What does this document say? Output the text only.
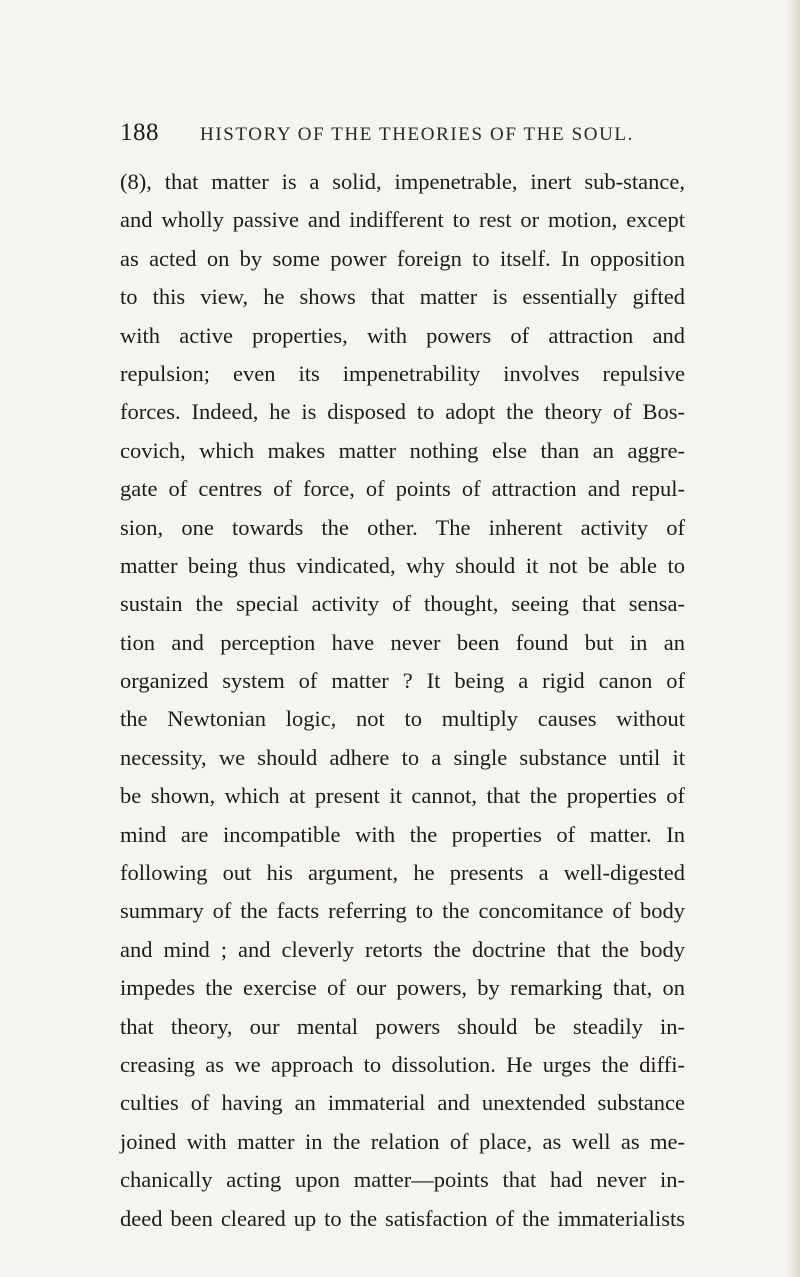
188 HISTORY OF THE THEORIES OF THE SOUL.
(8), that matter is a solid, impenetrable, inert sub-stance,
and wholly passive and indifferent to rest or motion, except
as acted on by some power foreign to itself. In opposition
to this view, he shows that matter is essentially gifted
with active properties, with powers of attraction and
repulsion; even its impenetrability involves repulsive
forces. Indeed, he is disposed to adopt the theory of Bos-
covich, which makes matter nothing else than an aggre-
gate of centres of force, of points of attraction and repul-
sion, one towards the other. The inherent activity of
matter being thus vindicated, why should it not be able to
sustain the special activity of thought, seeing that sensa-
tion and perception have never been found but in an
organized system of matter ? It being a rigid canon of
the Newtonian logic, not to multiply causes without
necessity, we should adhere to a single substance until it
be shown, which at present it cannot, that the properties of
mind are incompatible with the properties of matter. In
following out his argument, he presents a well-digested
summary of the facts referring to the concomitance of body
and mind ; and cleverly retorts the doctrine that the body
impedes the exercise of our powers, by remarking that, on
that theory, our mental powers should be steadily in-
creasing as we approach to dissolution. He urges the diffi-
culties of having an immaterial and unextended substance
joined with matter in the relation of place, as well as me-
chanically acting upon matter—points that had never in-
deed been cleared up to the satisfaction of the immaterialists
